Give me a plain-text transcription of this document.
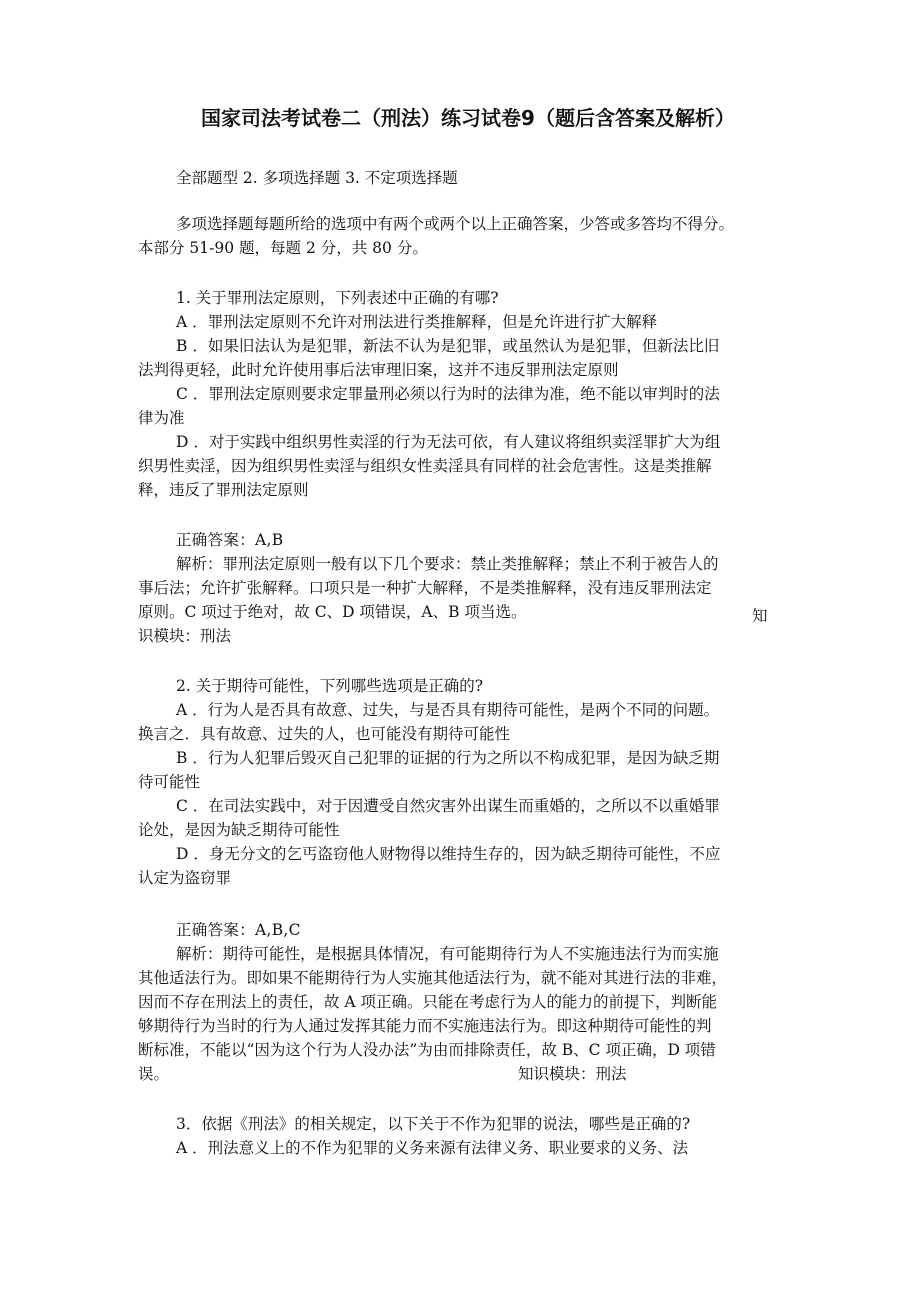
国家司法考试卷二（刑法）练习试卷9（题后含答案及解析）
全部题型 2. 多项选择题 3. 不定项选择题
多项选择题每题所给的选项中有两个或两个以上正确答案，少答或多答均不得分。
本部分 51-90 题，每题 2 分，共 80 分。
1. 关于罪刑法定原则，下列表述中正确的有哪?
A ．罪刑法定原则不允许对刑法进行类推解释，但是允许进行扩大解释
B ．如果旧法认为是犯罪，新法不认为是犯罪，或虽然认为是犯罪，但新法比旧
法判得更轻，此时允许使用事后法审理旧案，这并不违反罪刑法定原则
C ．罪刑法定原则要求定罪量刑必须以行为时的法律为准，绝不能以审判时的法
律为准
D ．对于实践中组织男性卖淫的行为无法可依，有人建议将组织卖淫罪扩大为组
织男性卖淫，因为组织男性卖淫与组织女性卖淫具有同样的社会危害性。这是类推解
释，违反了罪刑法定原则
正确答案：A,B
解析：罪刑法定原则一般有以下几个要求：禁止类推解释；禁止不利于被告人的
事后法；允许扩张解释。口项只是一种扩大解释，不是类推解释，没有违反罪刑法定
原则。C 项过于绝对，故 C、D 项错误，A、B 项当选。
识模块：刑法
知
2. 关于期待可能性，下列哪些选项是正确的?
A ．行为人是否具有故意、过失，与是否具有期待可能性，是两个不同的问题。
换言之．具有故意、过失的人，也可能没有期待可能性
B ．行为人犯罪后毁灭自己犯罪的证据的行为之所以不构成犯罪，是因为缺乏期
待可能性
C ．在司法实践中，对于因遭受自然灾害外出谋生而重婚的，之所以不以重婚罪
论处，是因为缺乏期待可能性
D ．身无分文的乞丐盗窃他人财物得以维持生存的，因为缺乏期待可能性，不应
认定为盗窃罪
正确答案：A,B,C
解析：期待可能性，是根据具体情况，有可能期待行为人不实施违法行为而实施
其他适法行为。即如果不能期待行为人实施其他适法行为，就不能对其进行法的非难，
因而不存在刑法上的责任，故 A 项正确。只能在考虑行为人的能力的前提下，判断能
够期待行为当时的行为人通过发挥其能力而不实施违法行为。即这种期待可能性的判
断标准，不能以“因为这个行为人没办法”为由而排除责任，故 B、C 项正确，D 项错
误。	知识模块：刑法
3．依据《刑法》的相关规定，以下关于不作为犯罪的说法，哪些是正确的?
A ．刑法意义上的不作为犯罪的义务来源有法律义务、职业要求的义务、法
